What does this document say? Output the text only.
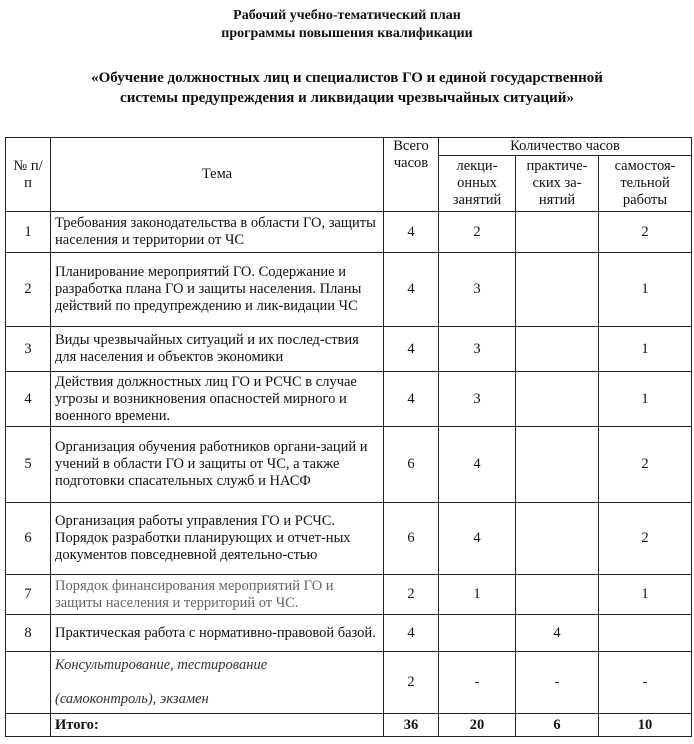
Рабочий учебно-тематический план
программы повышения квалификации
«Обучение должностных лиц и специалистов ГО и единой государственной
системы предупреждения и ликвидации чрезвычайных ситуаций»
№ п/п	Тема	Всего часов	Количество часов		
			лекци-онных занятий	практиче-ских за-нятий	самостоя-тельной работы
1	Требования законодательства в области ГО, защиты населения и территории от ЧС	4	2		2
2	Планирование мероприятий ГО. Содержание и разработка плана ГО и защиты населения. Планы действий по предупреждению и лик-видации ЧС	4	3		1
3	Виды чрезвычайных ситуаций и их послед-ствия для населения и объектов экономики	4	3		1
4	Действия должностных лиц ГО и РСЧС в случае угрозы и возникновения опасностей мирного и военного времени.	4	3		1
5	Организация обучения работников органи-заций и учений в области ГО и защиты от ЧС, а также подготовки спасательных служб и НАСФ	6	4		2
6	Организация работы управления ГО и РСЧС. Порядок разработки планирующих и отчет-ных документов повседневной деятельно-стью	6	4		2
7	Порядок финансирования мероприятий ГО и защиты населения и территорий от ЧС.	2	1		1
8	Практическая работа с нормативно-правовой базой.	4		4	

	Консультирование, тестирование
(самоконтроль), экзамен	2	-	-	-
	Итого:	36	20	6	10
